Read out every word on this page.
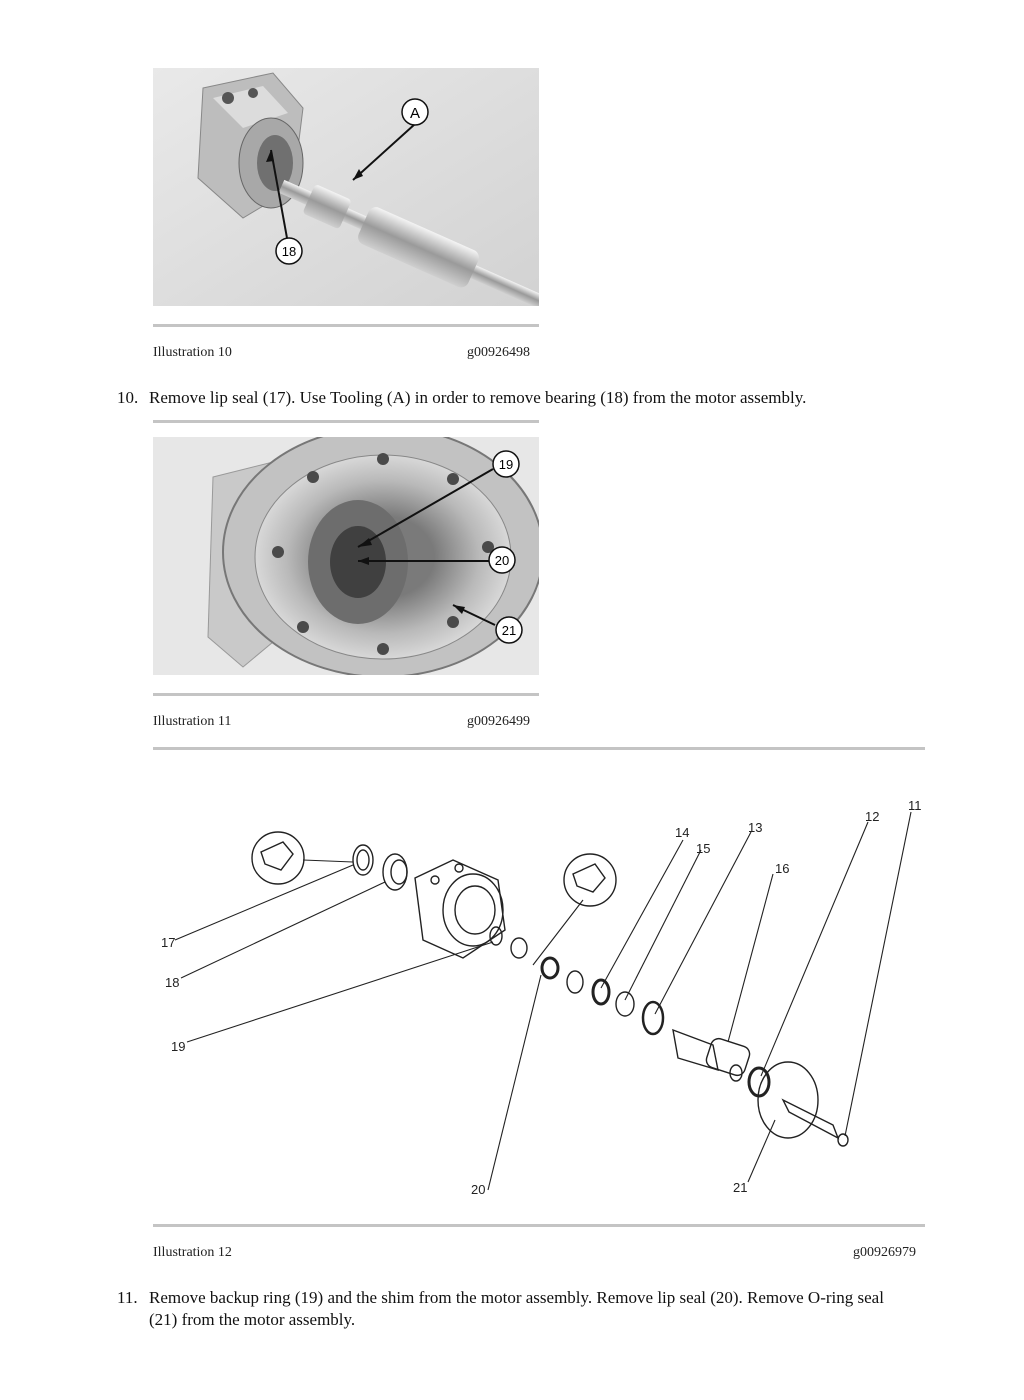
A
18
Illustration 10	g00926498
10. Remove lip seal (17). Use Tooling (A) in order to remove bearing (18) from the motor assembly.
19
20
21
Illustration 11	g00926499
17
18
19
20	21
14
15
13
16
12
11
Illustration 12	g00926979
11. Remove backup ring (19) and the shim from the motor assembly. Remove lip seal (20). Remove O-ring seal (21) from the motor assembly.
